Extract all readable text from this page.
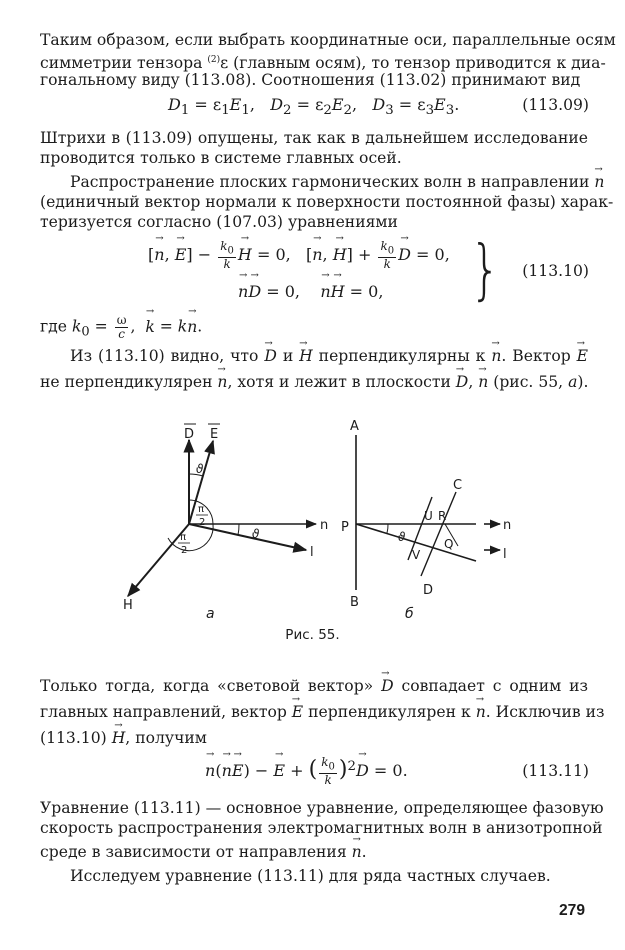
Таким образом, если выбрать координатные оси, параллельные осям
симметрии тензора $^{(2)}$ε (главным осям), то тензор приводится к диа-
гональному виду (113.08). Соотношения (113.02) принимают вид
$D_1 = \varepsilon_1E_1$,   $D_2 = \varepsilon_2E_2$,   $D_3 = \varepsilon_3E_3$.	(113.09)
Штрихи в (113.09) опущены, так как в дальнейшем исследование
проводится только в системе главных осей.
Распространение плоских гармонических волн в направлении → n
(единичный вектор нормали к поверхности постоянной фазы) харак-
теризуется согласно (107.03) уравнениями
[→ n, → $E] - \frac{k_0}{k} \to H = 0$,   [→ n, → $H] + \frac{k_0}{k} \to D = 0$,
→ n→ D = 0,    → n→ H = 0, } (113.10)
где $k_0 = \frac{\omega}{c}$ ,  → k = k→ n.
Из (113.10) видно, что → D и → H перпендикулярны к → n. Вектор → E
не перпендикулярен → n, хотя и лежит в плоскости → D, → n (рис. 55, а).
D E
n
l
H
ϑ
ϑ
π
2
π
2
а
A
B
P
C
D
U R
V
Q
n
l
ϑ
б
Рис. 55.
Только тогда, когда «световой вектор» → D совпадает с одним из
главных направлений, вектор → E перпендикулярен к → n. Исключив из
(113.10) → H, получим
→ n(→ n→ E) − → E + ( $\frac{k_0}{k} )^2\to D = 0$.	(113.11)
Уравнение (113.11) — основное уравнение, определяющее фазовую
скорость распространения электромагнитных волн в анизотропной
среде в зависимости от направления → n.
Исследуем уравнение (113.11) для ряда частных случаев.
279
